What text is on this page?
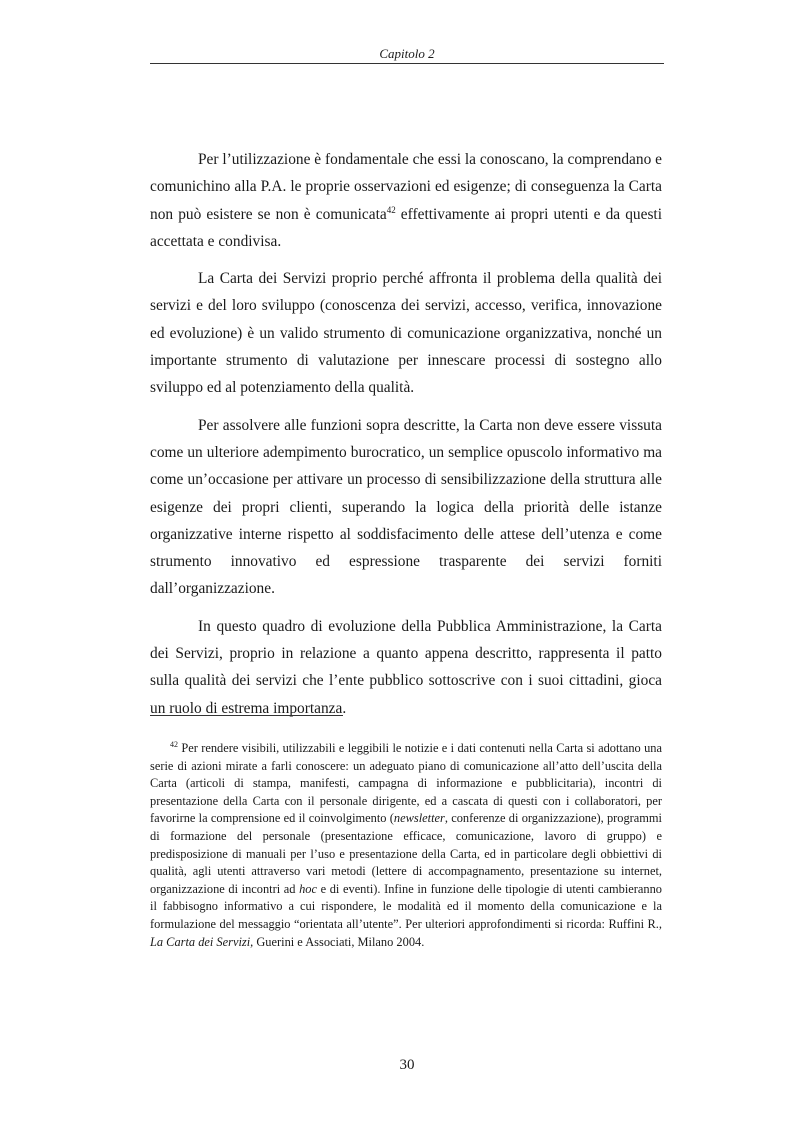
Capitolo 2

Per l’utilizzazione è fondamentale che essi la conoscano, la comprendano e comunichino alla P.A. le proprie osservazioni ed esigenze; di conseguenza la Carta non può esistere se non è comunicata$^{42}$ effettivamente ai propri utenti e da questi accettata e condivisa.

La Carta dei Servizi proprio perché affronta il problema della qualità dei servizi e del loro sviluppo (conoscenza dei servizi, accesso, verifica, innovazione ed evoluzione) è un valido strumento di comunicazione organizzativa, nonché un importante strumento di valutazione per innescare processi di sostegno allo sviluppo ed al potenziamento della qualità.

Per assolvere alle funzioni sopra descritte, la Carta non deve essere vissuta come un ulteriore adempimento burocratico, un semplice opuscolo informativo ma come un’occasione per attivare un processo di sensibilizzazione della struttura alle esigenze dei propri clienti, superando la logica della priorità delle istanze organizzative interne rispetto al soddisfacimento delle attese dell’utenza e come strumento innovativo ed espressione trasparente dei servizi forniti dall’organizzazione.

In questo quadro di evoluzione della Pubblica Amministrazione, la Carta dei Servizi, proprio in relazione a quanto appena descritto, rappresenta il patto sulla qualità dei servizi che l’ente pubblico sottoscrive con i suoi cittadini, gioca un ruolo di estrema importanza.

$^{42}$ Per rendere visibili, utilizzabili e leggibili le notizie e i dati contenuti nella Carta si adottano una serie di azioni mirate a farli conoscere: un adeguato piano di comunicazione all’atto dell’uscita della Carta (articoli di stampa, manifesti, campagna di informazione e pubblicitaria), incontri di presentazione della Carta con il personale dirigente, ed a cascata di questi con i collaboratori, per favorirne la comprensione ed il coinvolgimento (newsletter, conferenze di organizzazione), programmi di formazione del personale (presentazione efficace, comunicazione, lavoro di gruppo) e predisposizione di manuali per l’uso e presentazione della Carta, ed in particolare degli obbiettivi di qualità, agli utenti attraverso vari metodi (lettere di accompagnamento, presentazione su internet, organizzazione di incontri ad hoc e di eventi). Infine in funzione delle tipologie di utenti cambieranno il fabbisogno informativo a cui rispondere, le modalità ed il momento della comunicazione e la formulazione del messaggio “orientata all’utente”. Per ulteriori approfondimenti si ricorda: Ruffini R., La Carta dei Servizi, Guerini e Associati, Milano 2004.

30
